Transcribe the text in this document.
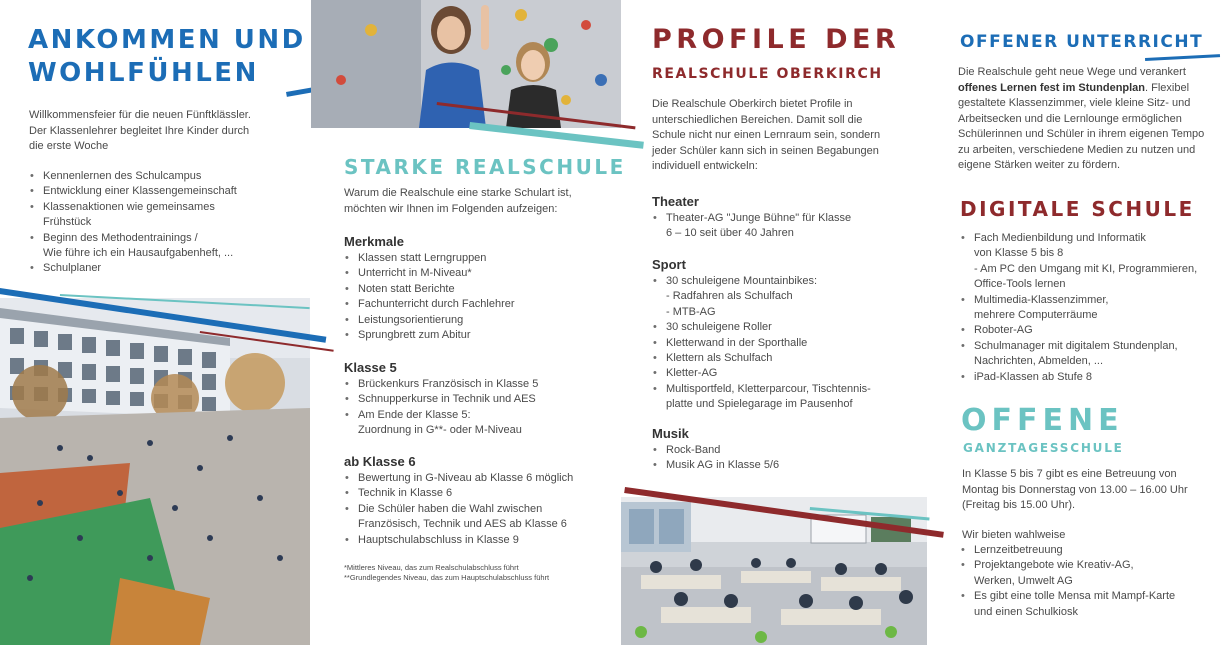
ANKOMMEN UND
WOHLFÜHLEN
Willkommensfeier für die neuen Fünftklässler.
Der Klassenlehrer begleitet Ihre Kinder durch
die erste Woche
• Kennenlernen des Schulcampus
• Entwicklung einer Klassengemeinschaft
• Klassenaktionen wie gemeinsames
Frühstück
• Beginn des Methodentrainings /
Wie führe ich ein Hausaufgabenheft, ...
• Schulplaner
STARKE REALSCHULE
Warum die Realschule eine starke Schulart ist,
möchten wir Ihnen im Folgenden aufzeigen:
Merkmale
• Klassen statt Lerngruppen
• Unterricht in M-Niveau*
• Noten statt Berichte
• Fachunterricht durch Fachlehrer
• Leistungsorientierung
• Sprungbrett zum Abitur
Klasse 5
• Brückenkurs Französisch in Klasse 5
• Schnupperkurse in Technik und AES
• Am Ende der Klasse 5:
Zuordnung in G**- oder M-Niveau
ab Klasse 6
• Bewertung in G-Niveau ab Klasse 6 möglich
• Technik in Klasse 6
• Die Schüler haben die Wahl zwischen
Französisch, Technik und AES ab Klasse 6
• Hauptschulabschluss in Klasse 9
*Mittleres Niveau, das zum Realschulabschluss führt
**Grundlegendes Niveau, das zum Hauptschulabschluss führt
PROFILE DER
REALSCHULE OBERKIRCH
Die Realschule Oberkirch bietet Profile in
unterschiedlichen Bereichen. Damit soll die
Schule nicht nur einen Lernraum sein, sondern
jeder Schüler kann sich in seinen Begabungen
individuell entwickeln:
Theater
• Theater-AG "Junge Bühne" für Klasse
6 – 10 seit über 40 Jahren
Sport
• 30 schuleigene Mountainbikes:
- Radfahren als Schulfach
- MTB-AG
• 30 schuleigene Roller
• Kletterwand in der Sporthalle
• Klettern als Schulfach
• Kletter-AG
• Multisportfeld, Kletterparcour, Tischtennis-
platte und Spielegarage im Pausenhof
Musik
• Rock-Band
• Musik AG in Klasse 5/6
OFFENER UNTERRICHT
Die Realschule geht neue Wege und verankert
offenes Lernen fest im Stundenplan. Flexibel
gestaltete Klassenzimmer, viele kleine Sitz- und
Arbeitsecken und die Lernlounge ermöglichen
Schülerinnen und Schüler in ihrem eigenen Tempo
zu arbeiten, verschiedene Medien zu nutzen und
eigene Stärken weiter zu fördern.
DIGITALE SCHULE
• Fach Medienbildung und Informatik
von Klasse 5 bis 8
- Am PC den Umgang mit KI, Programmieren,
Office-Tools lernen
• Multimedia-Klassenzimmer,
mehrere Computerräume
• Roboter-AG
• Schulmanager mit digitalem Stundenplan,
Nachrichten, Abmelden, ...
• iPad-Klassen ab Stufe 8
OFFENE
GANZTAGESSCHULE
In Klasse 5 bis 7 gibt es eine Betreuung von
Montag bis Donnerstag von 13.00 – 16.00 Uhr
(Freitag bis 15.00 Uhr).
Wir bieten wahlweise
• Lernzeitbetreuung
• Projektangebote wie Kreativ-AG,
Werken, Umwelt AG
• Es gibt eine tolle Mensa mit Mampf-Karte
und einen Schulkiosk
